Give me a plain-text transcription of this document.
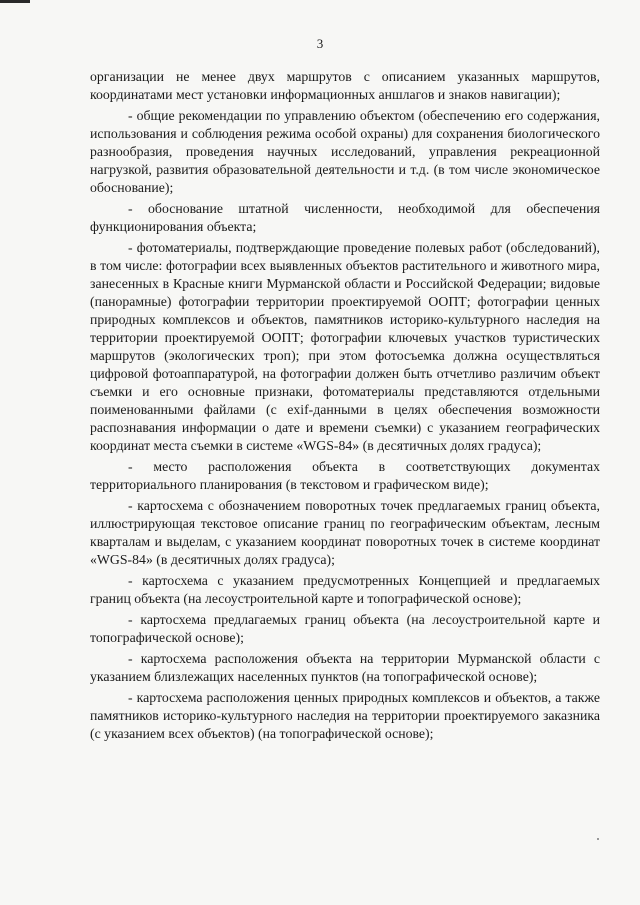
3

организации не менее двух маршрутов с описанием указанных маршрутов, координатами мест установки информационных аншлагов и знаков навигации);

- общие рекомендации по управлению объектом (обеспечению его содержания, использования и соблюдения режима особой охраны) для сохранения биологического разнообразия, проведения научных исследований, управления рекреационной нагрузкой, развития образовательной деятельности и т.д. (в том числе экономическое обоснование);

- обоснование штатной численности, необходимой для обеспечения функционирования объекта;

- фотоматериалы, подтверждающие проведение полевых работ (обследований), в том числе: фотографии всех выявленных объектов растительного и животного мира, занесенных в Красные книги Мурманской области и Российской Федерации; видовые (панорамные) фотографии территории проектируемой ООПТ; фотографии ценных природных комплексов и объектов, памятников историко-культурного наследия на территории проектируемой ООПТ; фотографии ключевых участков туристических маршрутов (экологических троп); при этом фотосъемка должна осуществляться цифровой фотоаппаратурой, на фотографии должен быть отчетливо различим объект съемки и его основные признаки, фотоматериалы представляются отдельными поименованными файлами (с exif-данными в целях обеспечения возможности распознавания информации о дате и времени съемки) с указанием географических координат места съемки в системе «WGS-84» (в десятичных долях градуса);

- место расположения объекта в соответствующих документах территориального планирования (в текстовом и графическом виде);

- картосхема с обозначением поворотных точек предлагаемых границ объекта, иллюстрирующая текстовое описание границ по географическим объектам, лесным кварталам и выделам, с указанием координат поворотных точек в системе координат «WGS-84» (в десятичных долях градуса);

- картосхема с указанием предусмотренных Концепцией и предлагаемых границ объекта (на лесоустроительной карте и топографической основе);

- картосхема предлагаемых границ объекта (на лесоустроительной карте и топографической основе);

- картосхема расположения объекта на территории Мурманской области с указанием близлежащих населенных пунктов (на топографической основе);

- картосхема расположения ценных природных комплексов и объектов, а также памятников историко-культурного наследия на территории проектируемого заказника (с указанием всех объектов) (на топографической основе);
